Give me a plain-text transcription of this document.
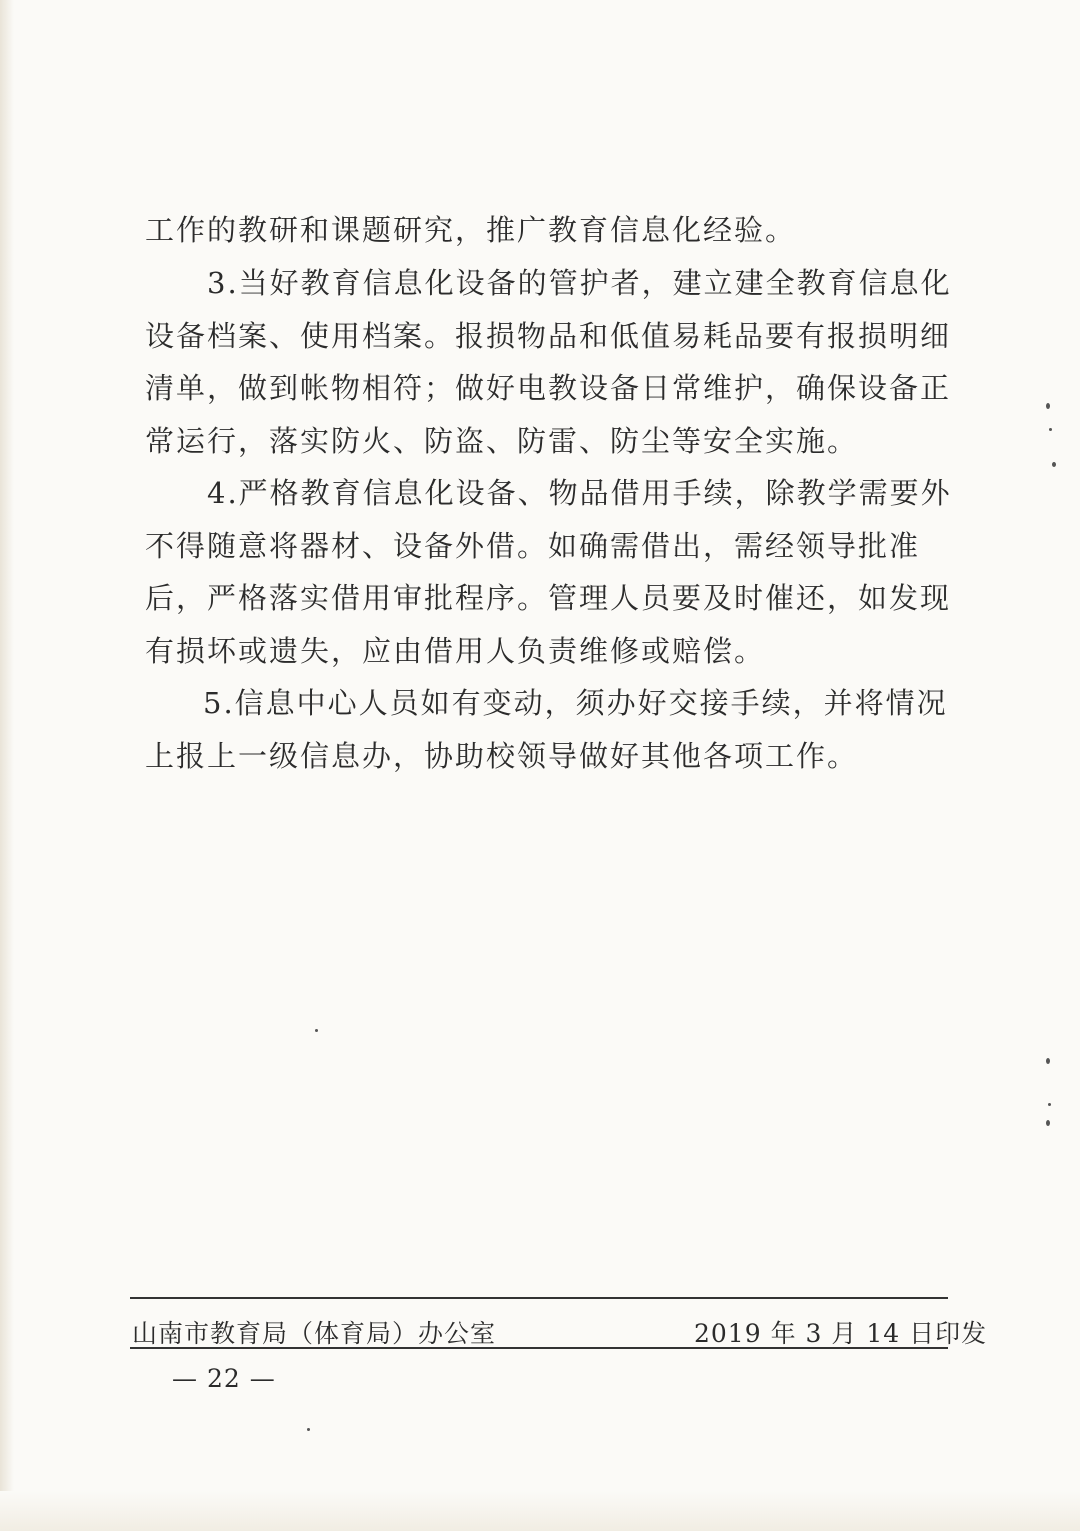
工作的教研和课题研究，推广教育信息化经验。

3.当好教育信息化设备的管护者，建立建全教育信息化设备档案、使用档案。报损物品和低值易耗品要有报损明细清单，做到帐物相符；做好电教设备日常维护，确保设备正常运行，落实防火、防盗、防雷、防尘等安全实施。

4.严格教育信息化设备、物品借用手续，除教学需要外不得随意将器材、设备外借。如确需借出，需经领导批准后，严格落实借用审批程序。管理人员要及时催还，如发现有损坏或遗失，应由借用人负责维修或赔偿。

5.信息中心人员如有变动，须办好交接手续，并将情况上报上一级信息办，协助校领导做好其他各项工作。

山南市教育局（体育局）办公室	2019 年 3 月 14 日印发
— 22 —
